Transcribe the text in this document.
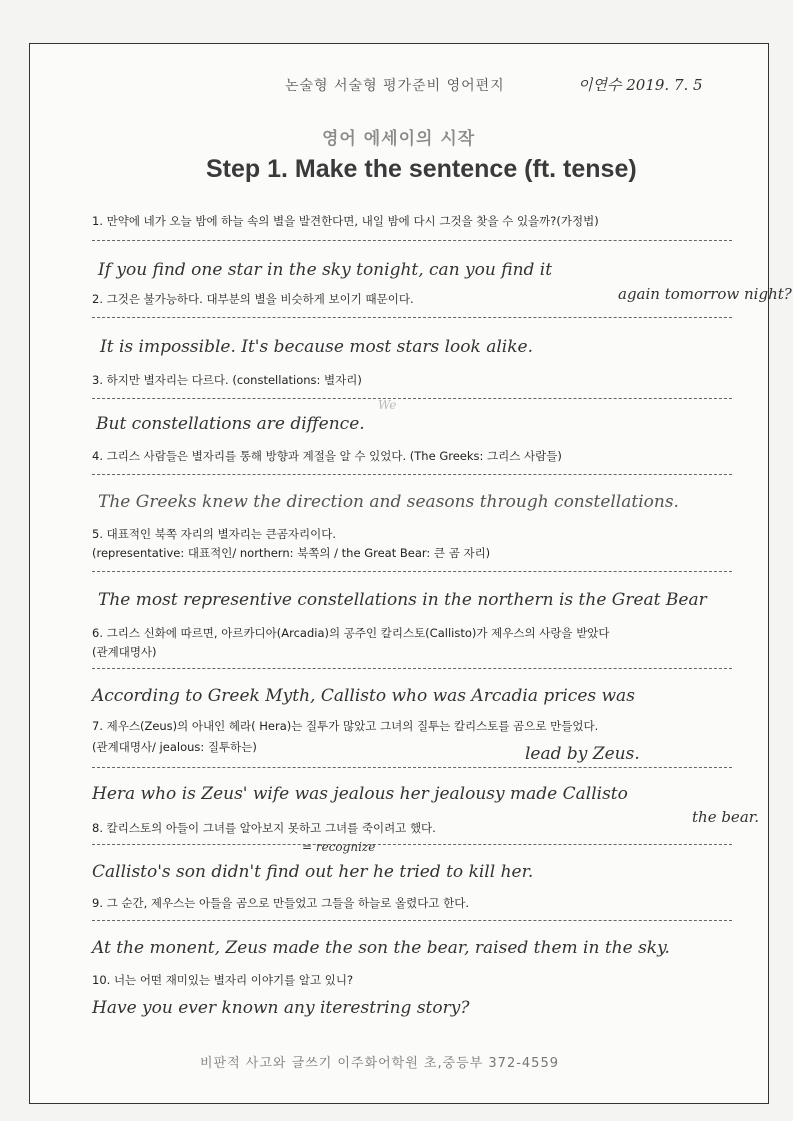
논술형 서술형 평가준비 영어편지	이연수 2019. 7. 5
영어 에세이의 시작
Step 1. Make the sentence (ft. tense)
1. 만약에 네가 오늘 밤에 하늘 속의 별을 발견한다면, 내일 밤에 다시 그것을 찾을 수 있을까?(가정법)
If you find one star in the sky tonight, can you find it
again tomorrow night?
2. 그것은 불가능하다. 대부분의 별을 비슷하게 보이기 때문이다.
It is impossible. It's because most stars look alike.
3. 하지만 별자리는 다르다. (constellations: 별자리)
We
But constellations are diffence.
4. 그리스 사람들은 별자리를 통해 방향과 계절을 알 수 있었다. (The Greeks: 그리스 사람들)
The Greeks knew the direction and seasons through constellations.
5. 대표적인 북쪽 자리의 별자리는 큰곰자리이다.
(representative: 대표적인/ northern: 북쪽의 / the Great Bear: 큰 곰 자리)
The most representive constellations in the northern is the Great Bear
6. 그리스 신화에 따르면, 아르카디아(Arcadia)의 공주인 칼리스토(Callisto)가 제우스의 사랑을 받았다
(관계대명사)
According to Greek Myth, Callisto who was Arcadia prices was
7. 제우스(Zeus)의 아내인 헤라( Hera)는 질투가 많았고 그녀의 질투는 칼리스토를 곰으로 만들었다.
(관계대명사/ jealous: 질투하는)	lead by Zeus.
Hera who is Zeus' wife was jealous her jealousy made Callisto
the bear.
8. 칼리스토의 아들이 그녀를 알아보지 못하고 그녀를 죽이려고 했다.
= recognize
Callisto's son didn't find out her he tried to kill her.
9. 그 순간, 제우스는 아들을 곰으로 만들었고 그들을 하늘로 올렸다고 한다.
At the monent, Zeus made the son the bear, raised them in the sky.
10. 너는 어떤 재미있는 별자리 이야기를 알고 있니?
Have you ever known any iterestring story?
비판적 사고와 글쓰기 이주화어학원 초,중등부 372-4559
